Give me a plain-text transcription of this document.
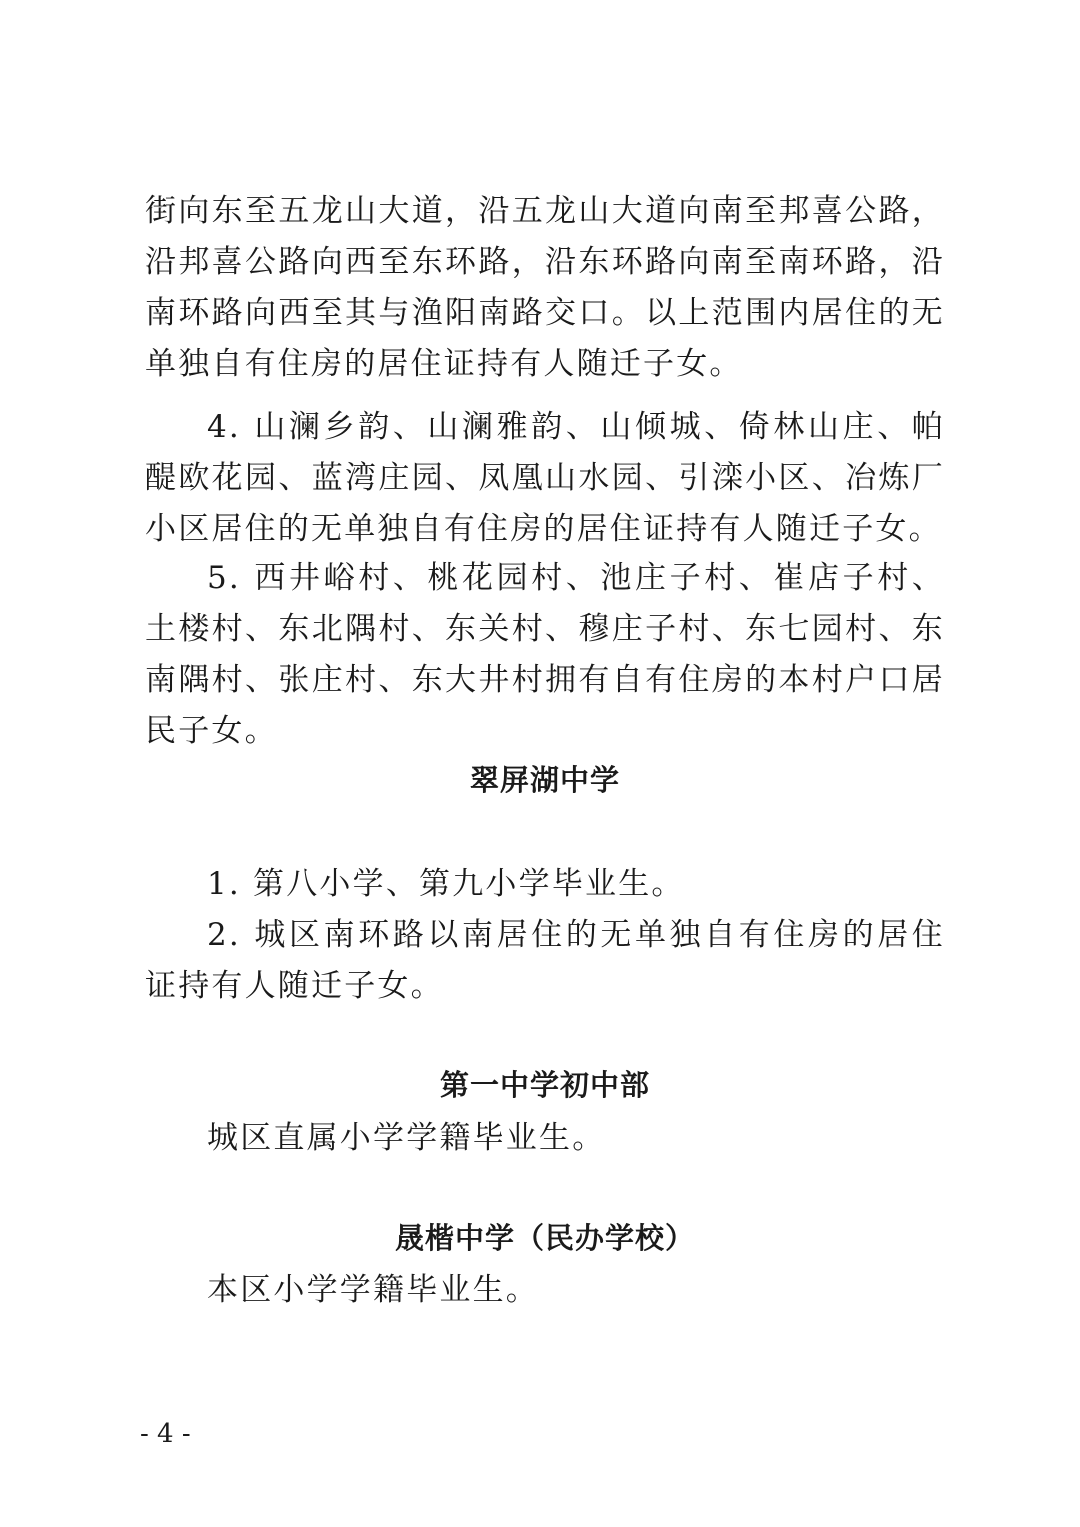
街向东至五龙山大道，沿五龙山大道向南至邦喜公路，沿邦喜公路向西至东环路，沿东环路向南至南环路，沿南环路向西至其与渔阳南路交口。以上范围内居住的无单独自有住房的居住证持有人随迁子女。

4. 山澜乡韵、山澜雅韵、山倾城、倚林山庄、帕醍欧花园、蓝湾庄园、凤凰山水园、引滦小区、冶炼厂小区居住的无单独自有住房的居住证持有人随迁子女。

5. 西井峪村、桃花园村、池庄子村、崔店子村、土楼村、东北隅村、东关村、穆庄子村、东七园村、东南隅村、张庄村、东大井村拥有自有住房的本村户口居民子女。

翠屏湖中学

1. 第八小学、第九小学毕业生。

2. 城区南环路以南居住的无单独自有住房的居住证持有人随迁子女。

第一中学初中部

城区直属小学学籍毕业生。

晟楷中学（民办学校）

本区小学学籍毕业生。

- 4 -
